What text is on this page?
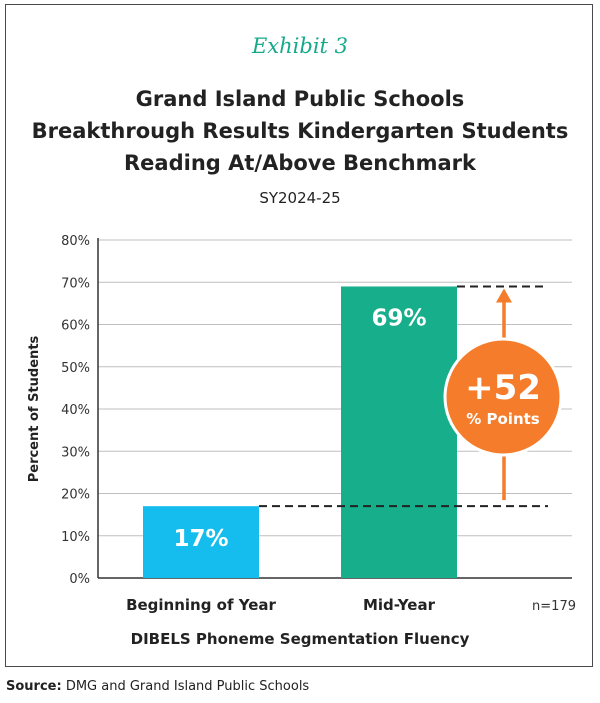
Exhibit 3
Grand Island Public Schools
Breakthrough Results Kindergarten Students
Reading At/Above Benchmark
SY2024-25
0%
10%
20%
30%
40%
50%
60%
70%
80%
Percent of Students
17%
Beginning of Year
69%
Mid-Year
DIBELS Phoneme Segmentation Fluency
n=179
+52
% Points
Source: DMG and Grand Island Public Schools
